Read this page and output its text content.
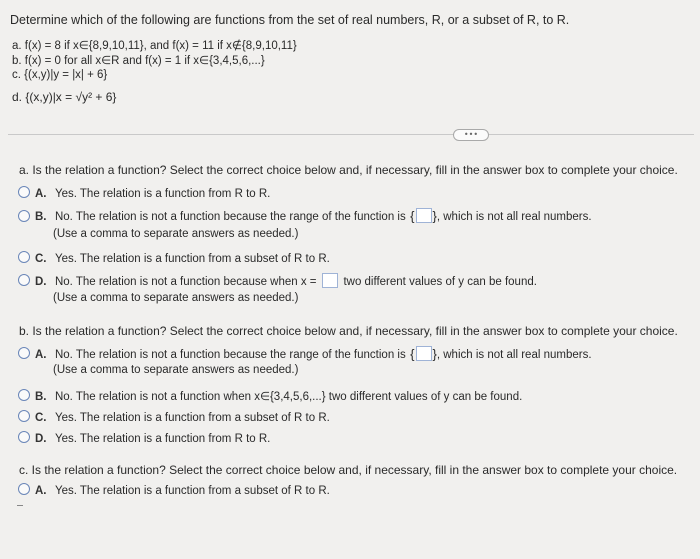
Determine which of the following are functions from the set of real numbers, R, or a subset of R, to R.
a. f(x) = 8 if x∈{8,9,10,11}, and f(x) = 11 if x∉{8,9,10,11}
b. f(x) = 0 for all x∈R and f(x) = 1 if x∈{3,4,5,6,...}
c. {(x,y)|y = |x| + 6}
d. {(x,y)|x = √y² + 6}
•••
a. Is the relation a function? Select the correct choice below and, if necessary, fill in the answer box to complete your choice.
A. Yes. The relation is a function from R to R.
B. No. The relation is not a function because the range of the function is { }, which is not all real numbers.
(Use a comma to separate answers as needed.)
C. Yes. The relation is a function from a subset of R to R.
D. No. The relation is not a function because when x = two different values of y can be found.
(Use a comma to separate answers as needed.)
b. Is the relation a function? Select the correct choice below and, if necessary, fill in the answer box to complete your choice.
A. No. The relation is not a function because the range of the function is { }, which is not all real numbers.
(Use a comma to separate answers as needed.)
B. No. The relation is not a function when x∈{3,4,5,6,...} two different values of y can be found.
C. Yes. The relation is a function from a subset of R to R.
D. Yes. The relation is a function from R to R.
c. Is the relation a function? Select the correct choice below and, if necessary, fill in the answer box to complete your choice.
A. Yes. The relation is a function from a subset of R to R.
